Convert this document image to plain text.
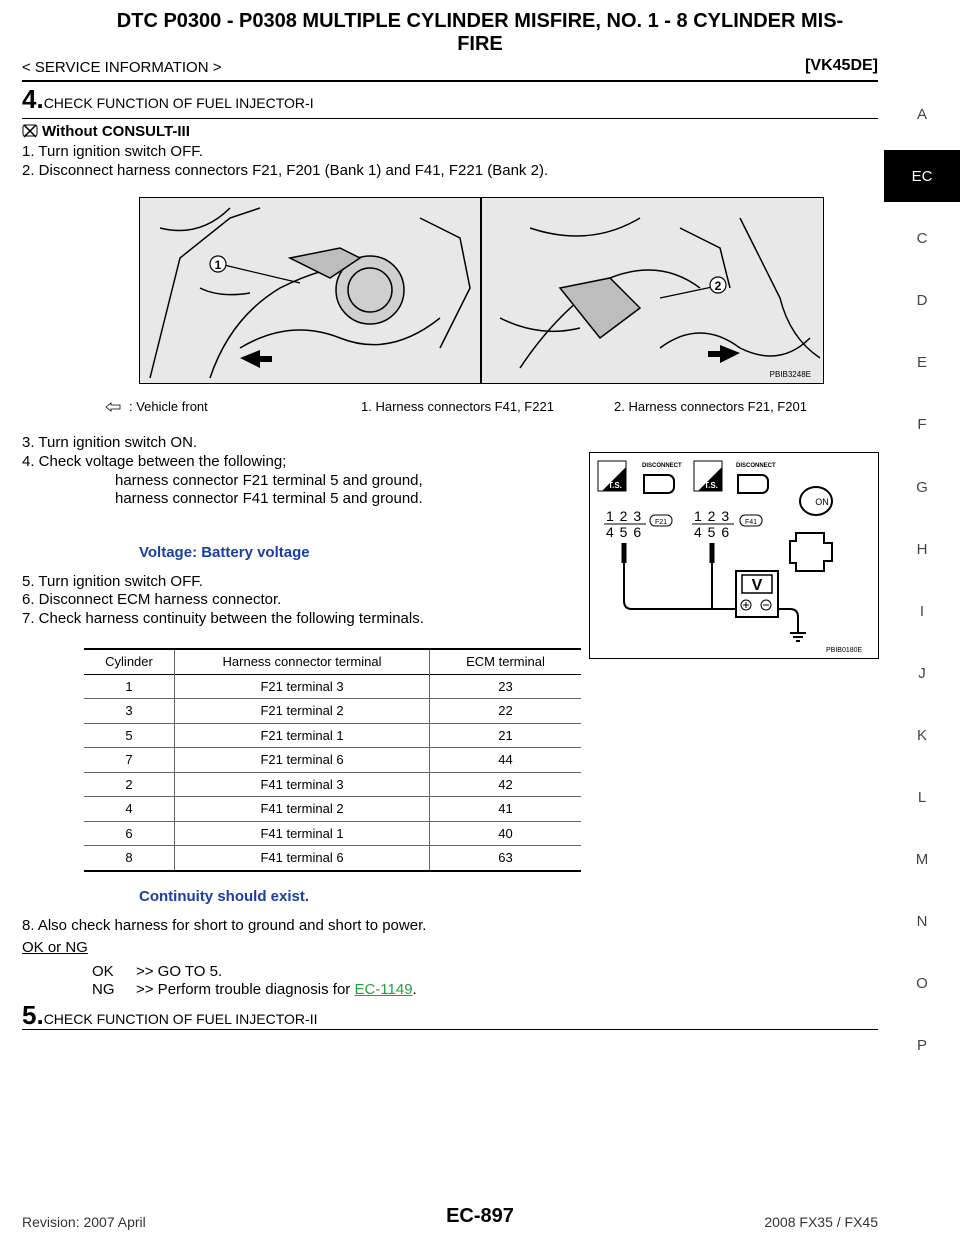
DTC P0300 - P0308 MULTIPLE CYLINDER MISFIRE, NO. 1 - 8 CYLINDER MIS-
FIRE
< SERVICE INFORMATION >	[VK45DE]
A
EC
C
D
E
F
G
H
I
J
K
L
M
N
O
P
4.CHECK FUNCTION OF FUEL INJECTOR-I
Without CONSULT-III
1. Turn ignition switch OFF.
2. Disconnect harness connectors F21, F201 (Bank 1) and F41, F221 (Bank 2).
1
2
PBIB3248E
: Vehicle front	1. Harness connectors F41, F221	2. Harness connectors F21, F201
3. Turn ignition switch ON.
4. Check voltage between the following;
harness connector F21 terminal 5 and ground,
harness connector F41 terminal 5 and ground.
Voltage: Battery voltage
5. Turn ignition switch OFF.
6. Disconnect ECM harness connector.
7. Check harness continuity between the following terminals.
T.S.
DISCONNECT
T.S.
DISCONNECT
1 2 3
4 5 6
F21 1 2 3
4 5 6
F41
ON
V
PBIB0180E
Cylinder	Harness connector terminal	ECM terminal
1	F21 terminal 3	23
3	F21 terminal 2	22
5	F21 terminal 1	21
7	F21 terminal 6	44
2	F41 terminal 3	42
4	F41 terminal 2	41
6	F41 terminal 1	40
8	F41 terminal 6	63
Continuity should exist.
8. Also check harness for short to ground and short to power.
OK or NG
OK >> GO TO 5.
NG >> Perform trouble diagnosis for EC-1149.
5.CHECK FUNCTION OF FUEL INJECTOR-II
Revision: 2007 April	EC-897	2008 FX35 / FX45
